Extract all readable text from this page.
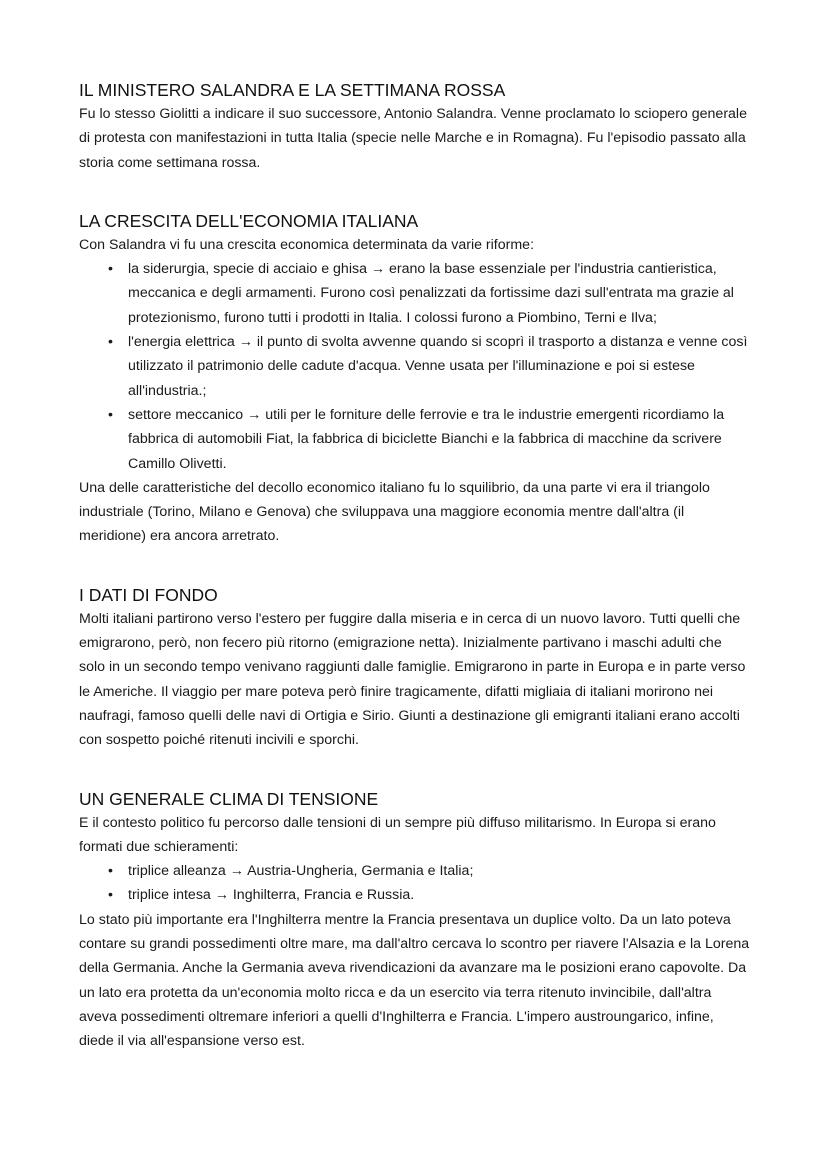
IL MINISTERO SALANDRA E LA SETTIMANA ROSSA

Fu lo stesso Giolitti a indicare il suo successore, Antonio Salandra. Venne proclamato lo sciopero generale di protesta con manifestazioni in tutta Italia (specie nelle Marche e in Romagna). Fu l'episodio passato alla storia come settimana rossa.

LA CRESCITA DELL'ECONOMIA ITALIANA

Con Salandra vi fu una crescita economica determinata da varie riforme:

• la siderurgia, specie di acciaio e ghisa → erano la base essenziale per l'industria cantieristica, meccanica e degli armamenti. Furono così penalizzati da fortissime dazi sull'entrata ma grazie al protezionismo, furono tutti i prodotti in Italia. I colossi furono a Piombino, Terni e Ilva;
• l'energia elettrica → il punto di svolta avvenne quando si scoprì il trasporto a distanza e venne così utilizzato il patrimonio delle cadute d'acqua. Venne usata per l'illuminazione e poi si estese all'industria.;
• settore meccanico → utili per le forniture delle ferrovie e tra le industrie emergenti ricordiamo la fabbrica di automobili Fiat, la fabbrica di biciclette Bianchi e la fabbrica di macchine da scrivere Camillo Olivetti.

Una delle caratteristiche del decollo economico italiano fu lo squilibrio, da una parte vi era il triangolo industriale (Torino, Milano e Genova) che sviluppava una maggiore economia mentre dall'altra (il meridione) era ancora arretrato.

I DATI DI FONDO

Molti italiani partirono verso l'estero per fuggire dalla miseria e in cerca di un nuovo lavoro. Tutti quelli che emigrarono, però, non fecero più ritorno (emigrazione netta). Inizialmente partivano i maschi adulti che solo in un secondo tempo venivano raggiunti dalle famiglie. Emigrarono in parte in Europa e in parte verso le Americhe. Il viaggio per mare poteva però finire tragicamente, difatti migliaia di italiani morirono nei naufragi, famoso quelli delle navi di Ortigia e Sirio. Giunti a destinazione gli emigranti italiani erano accolti con sospetto poiché ritenuti incivili e sporchi.

UN GENERALE CLIMA DI TENSIONE

E il contesto politico fu percorso dalle tensioni di un sempre più diffuso militarismo. In Europa si erano formati due schieramenti:

• triplice alleanza → Austria-Ungheria, Germania e Italia;
• triplice intesa → Inghilterra, Francia e Russia.

Lo stato più importante era l'Inghilterra mentre la Francia presentava un duplice volto. Da un lato poteva contare su grandi possedimenti oltre mare, ma dall'altro cercava lo scontro per riavere l'Alsazia e la Lorena della Germania. Anche la Germania aveva rivendicazioni da avanzare ma le posizioni erano capovolte. Da un lato era protetta da un'economia molto ricca e da un esercito via terra ritenuto invincibile, dall'altra aveva possedimenti oltremare inferiori a quelli d'Inghilterra e Francia. L'impero austroungarico, infine, diede il via all'espansione verso est.
